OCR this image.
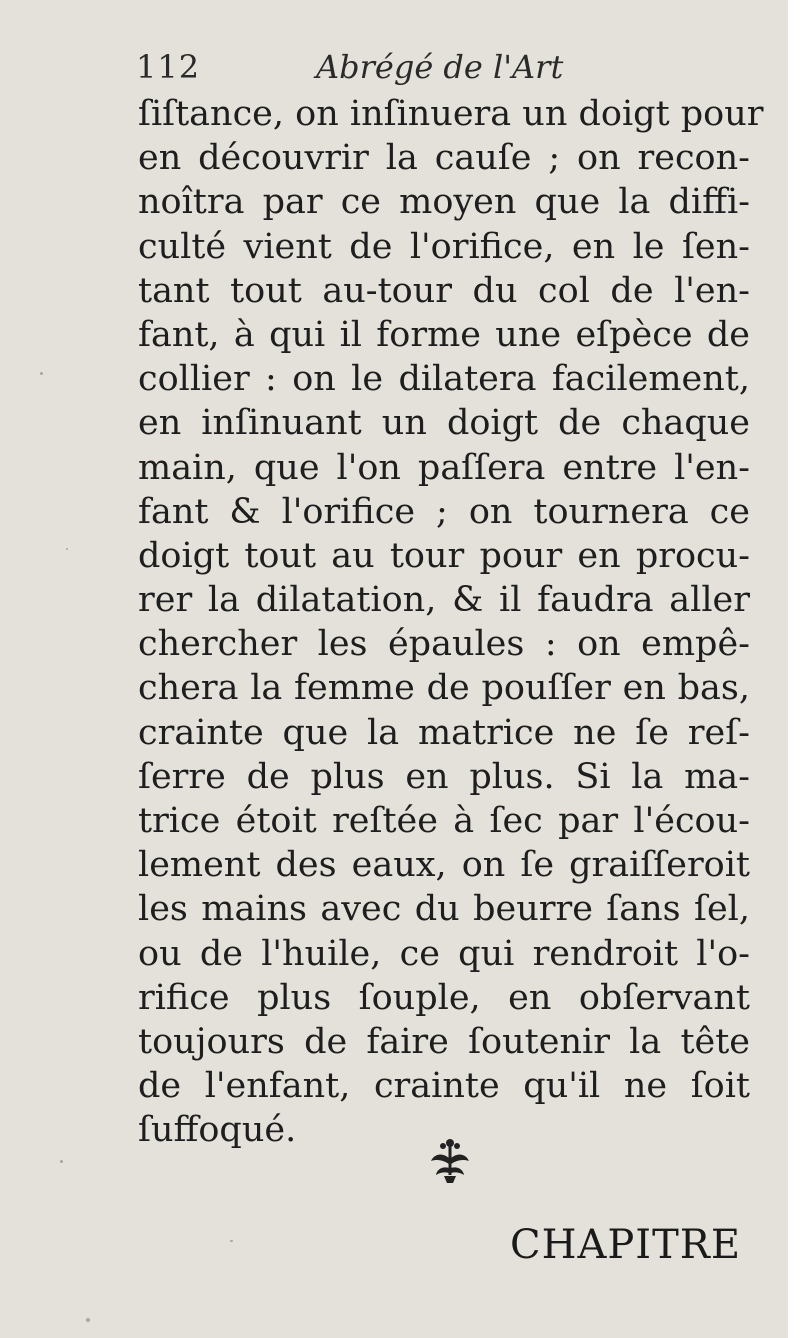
112	Abrégé de l'Art
ſiſtance, on inſinuera un doigt pour
en découvrir la cauſe ; on recon-
noîtra par ce moyen que la diffi-
culté vient de l'orifice, en le ſen-
tant tout au-tour du col de l'en-
fant, à qui il forme une eſpèce de
collier : on le dilatera facilement,
en inſinuant un doigt de chaque
main, que l'on paſſera entre l'en-
fant & l'orifice ; on tournera ce
doigt tout au tour pour en procu-
rer la dilatation, & il faudra aller
chercher les épaules : on empê-
chera la femme de pouſſer en bas,
crainte que la matrice ne ſe reſ-
ſerre de plus en plus. Si la ma-
trice étoit reſtée à ſec par l'écou-
lement des eaux, on ſe graiſſeroit
les mains avec du beurre ſans ſel,
ou de l'huile, ce qui rendroit l'o-
rifice plus ſouple, en obſervant
toujours de faire ſoutenir la tête
de l'enfant, crainte qu'il ne ſoit
ſuffoqué.
CHAPITRE
